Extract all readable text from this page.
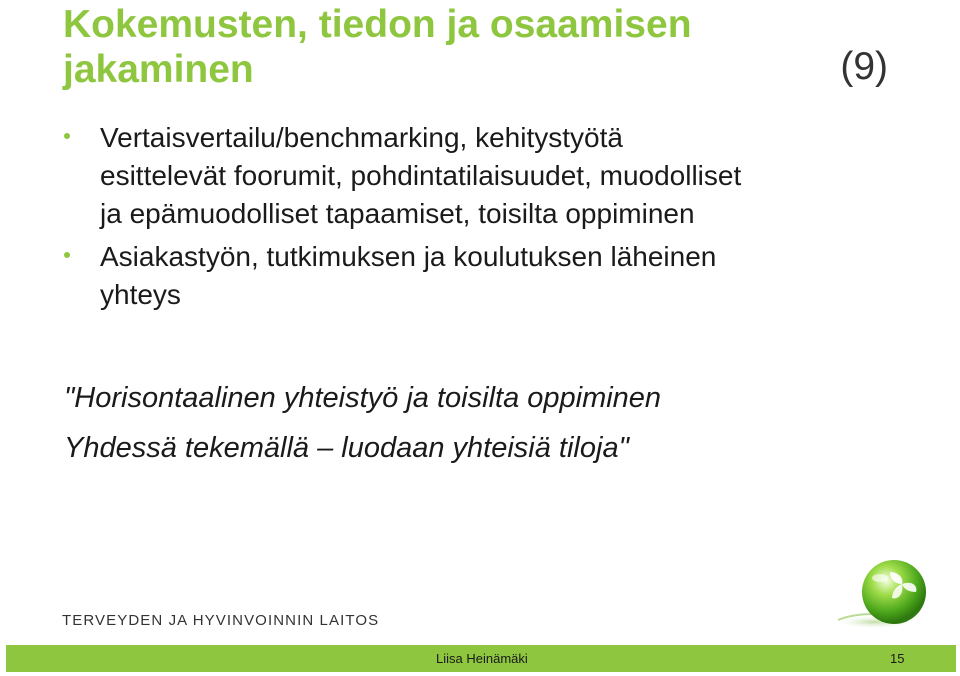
Kokemusten, tiedon ja osaamisen
jakaminen	(9)
Vertaisvertailu/benchmarking, kehitystyötä
esittelevät foorumit, pohdintatilaisuudet, muodolliset
ja epämuodolliset tapaamiset, toisilta oppiminen
Asiakastyön, tutkimuksen ja koulutuksen läheinen
yhteys
"Horisontaalinen yhteistyö ja toisilta oppiminen
Yhdessä tekemällä – luodaan yhteisiä tiloja"
TERVEYDEN JA HYVINVOINNIN LAITOS
Liisa Heinämäki	15
